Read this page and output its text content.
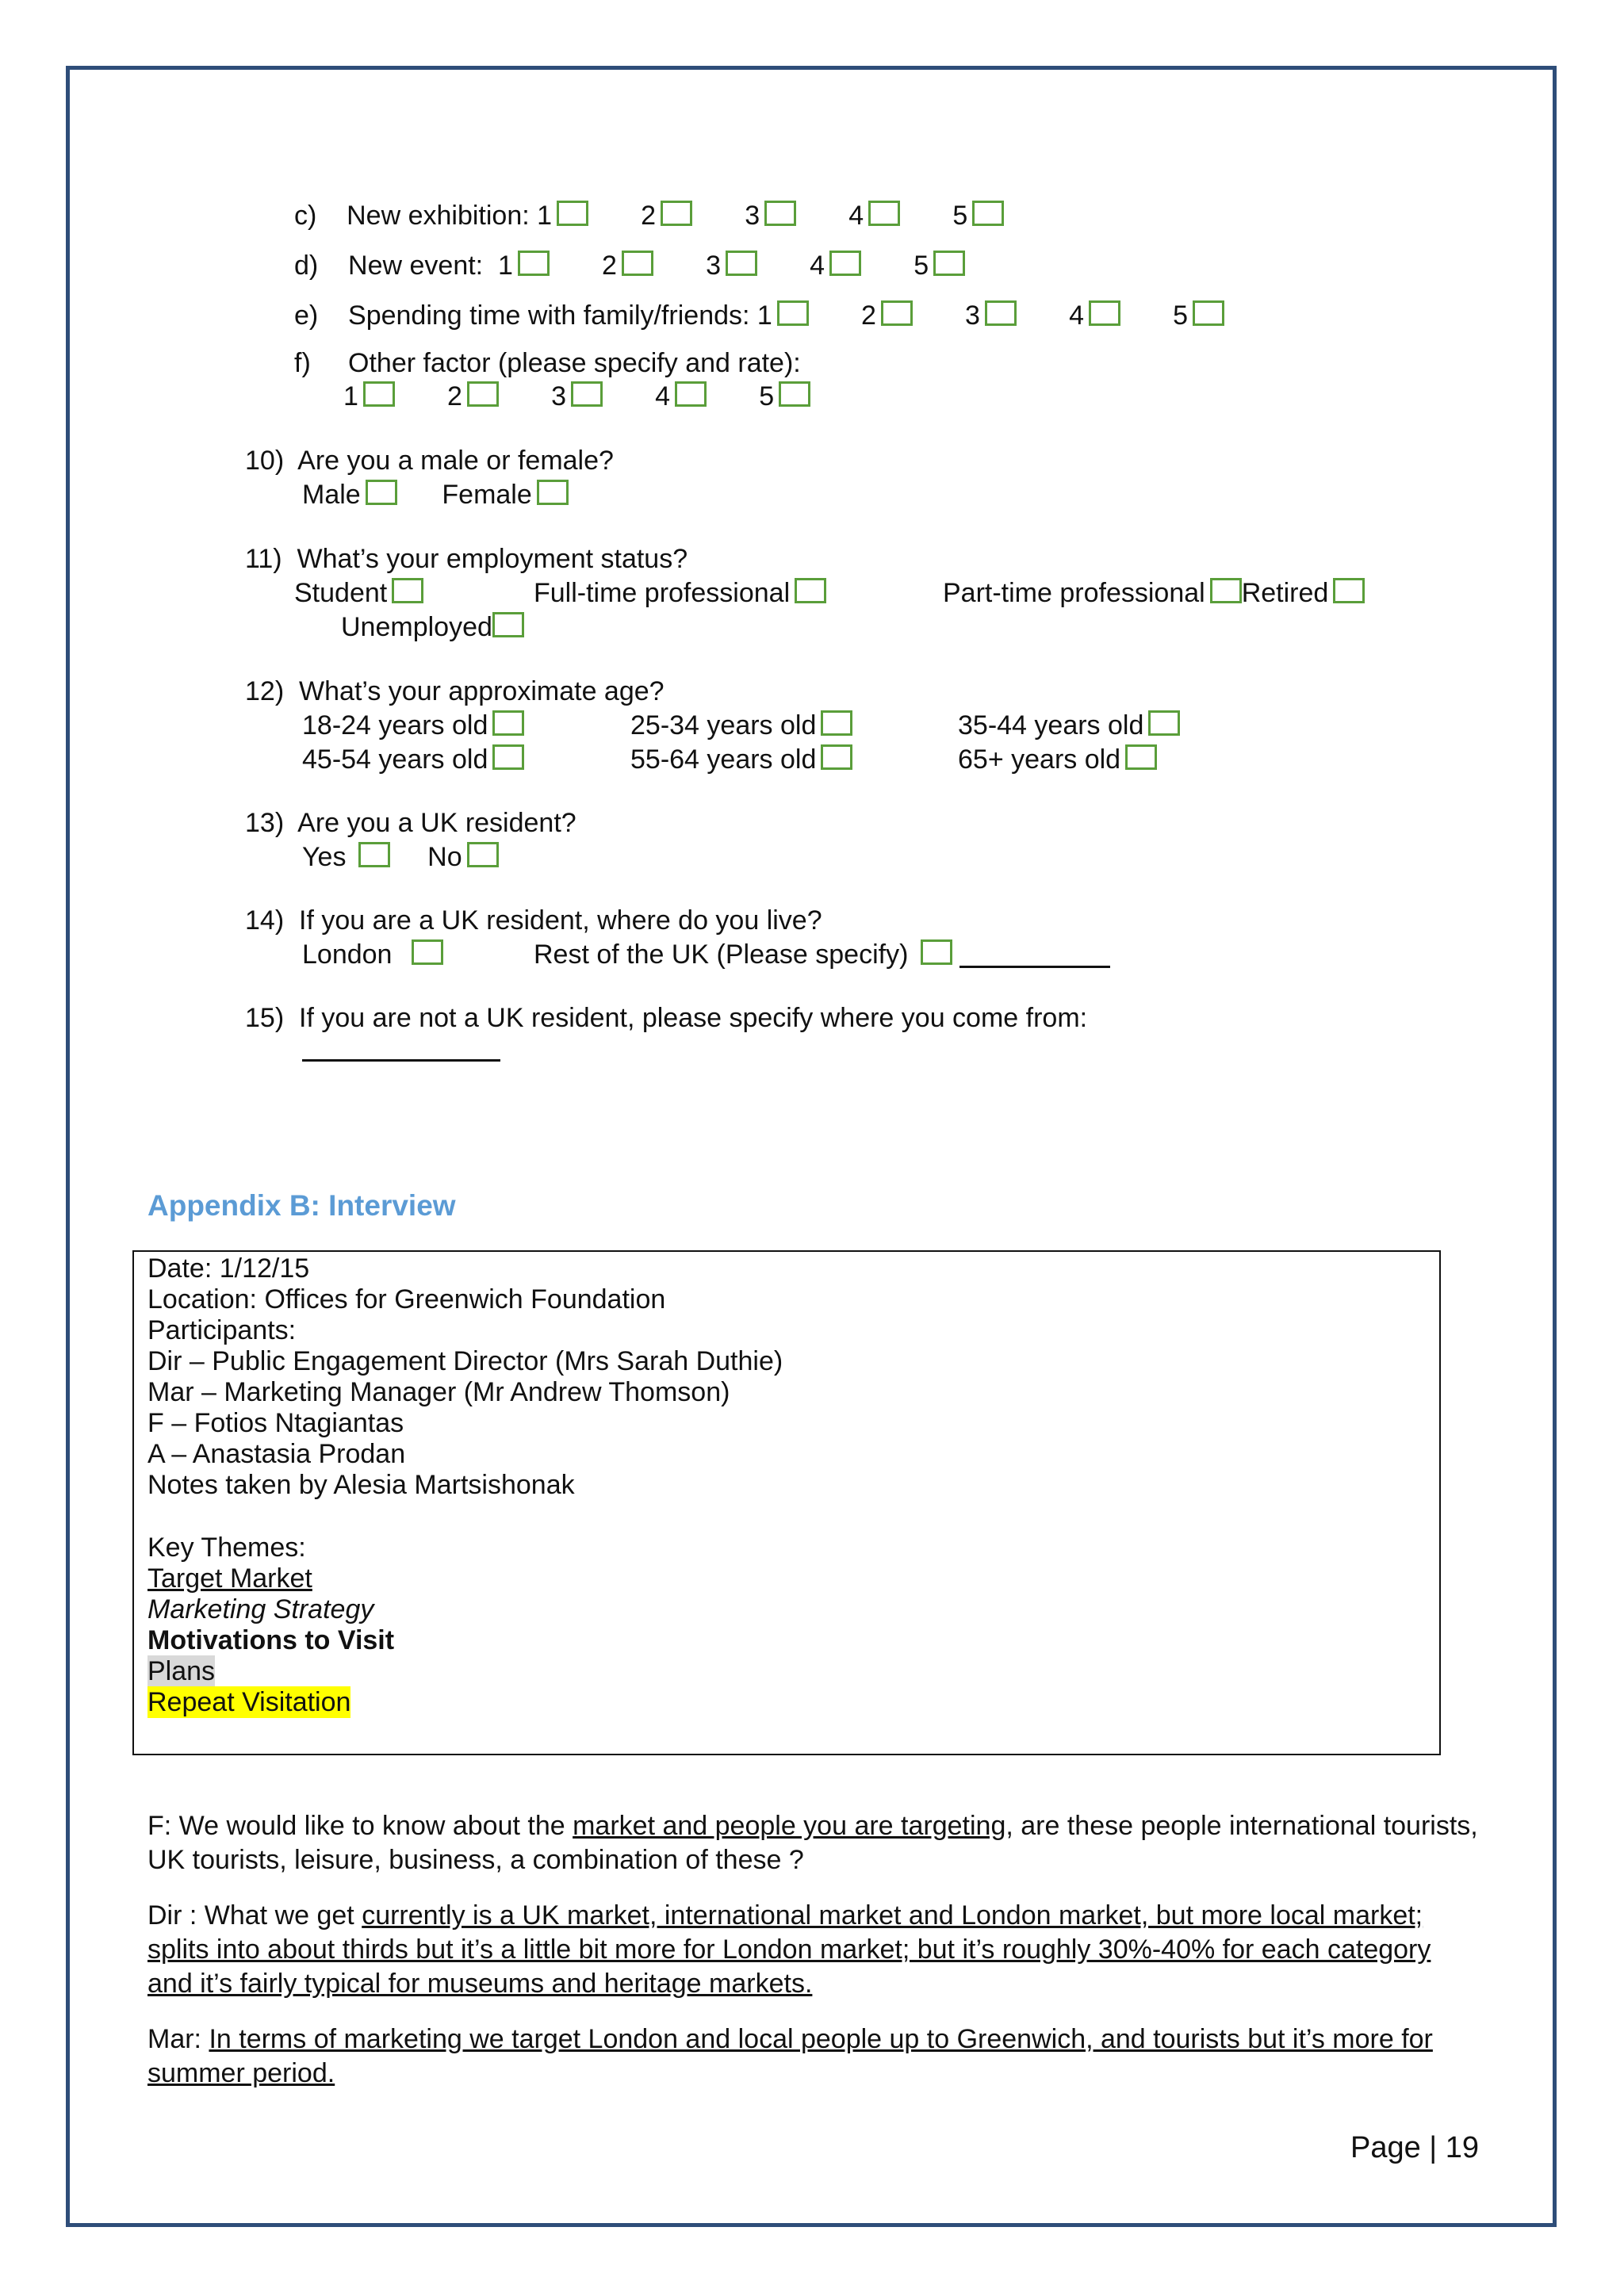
c) New exhibition: 1	2	3	4	5
d) New event:  1	2	3	4	5
e) Spending time with family/friends: 1	2	3	4	5
f) Other factor (please specify and rate):
1	2	3	4	5
10) Are you a male or female?
Male	Female
11) What’s your employment status?
Student	Full-time professional	Part-time professional Retired
Unemployed
12) What’s your approximate age?
18-24 years old	25-34 years old	35-44 years old
45-54 years old	55-64 years old	65+ years old
13) Are you a UK resident?
Yes	No
14) If you are a UK resident, where do you live?
London	Rest of the UK (Please specify)
15) If you are not a UK resident, please specify where you come from:
Appendix B: Interview
Date: 1/12/15
Location: Offices for Greenwich Foundation
Participants:
Dir – Public Engagement Director (Mrs Sarah Duthie)
Mar – Marketing Manager (Mr Andrew Thomson)
F – Fotios Ntagiantas
A – Anastasia Prodan
Notes taken by Alesia Martsishonak
Key Themes:
Target Market
Marketing Strategy
Motivations to Visit
Plans
Repeat Visitation
F: We would like to know about the market and people you are targeting, are these people international tourists, UK tourists, leisure, business, a combination of these ?
Dir : What we get currently is a UK market, international market and London market, but more local market; splits into about thirds but it’s a little bit more for London market; but it’s roughly 30%-40% for each category and it’s fairly typical for museums and heritage markets.
Mar: In terms of marketing we target London and local people up to Greenwich, and tourists but it’s more for summer period.
Page | 19
